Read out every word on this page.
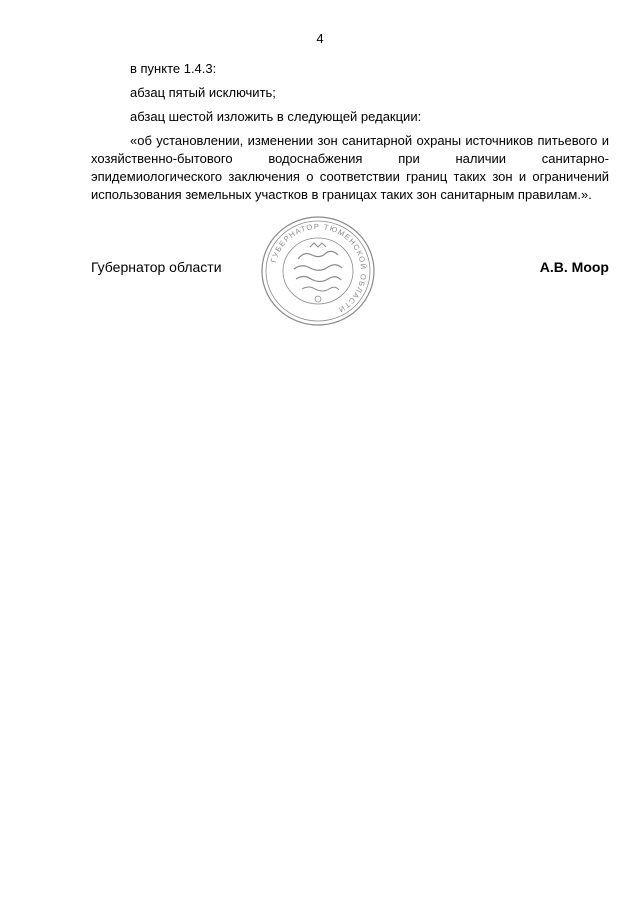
4

в пункте 1.4.3:

абзац пятый исключить;

абзац шестой изложить в следующей редакции:

«об установлении, изменении зон санитарной охраны источников питьевого и хозяйственно-бытового водоснабжения при наличии санитарно-эпидемиологического заключения о соответствии границ таких зон и ограничений использования земельных участков в границах таких зон санитарным правилам.».

Губернатор области	А.В. Моор
ГУБЕРНАТОР ТЮМЕНСКОЙ ОБЛАСТИ
